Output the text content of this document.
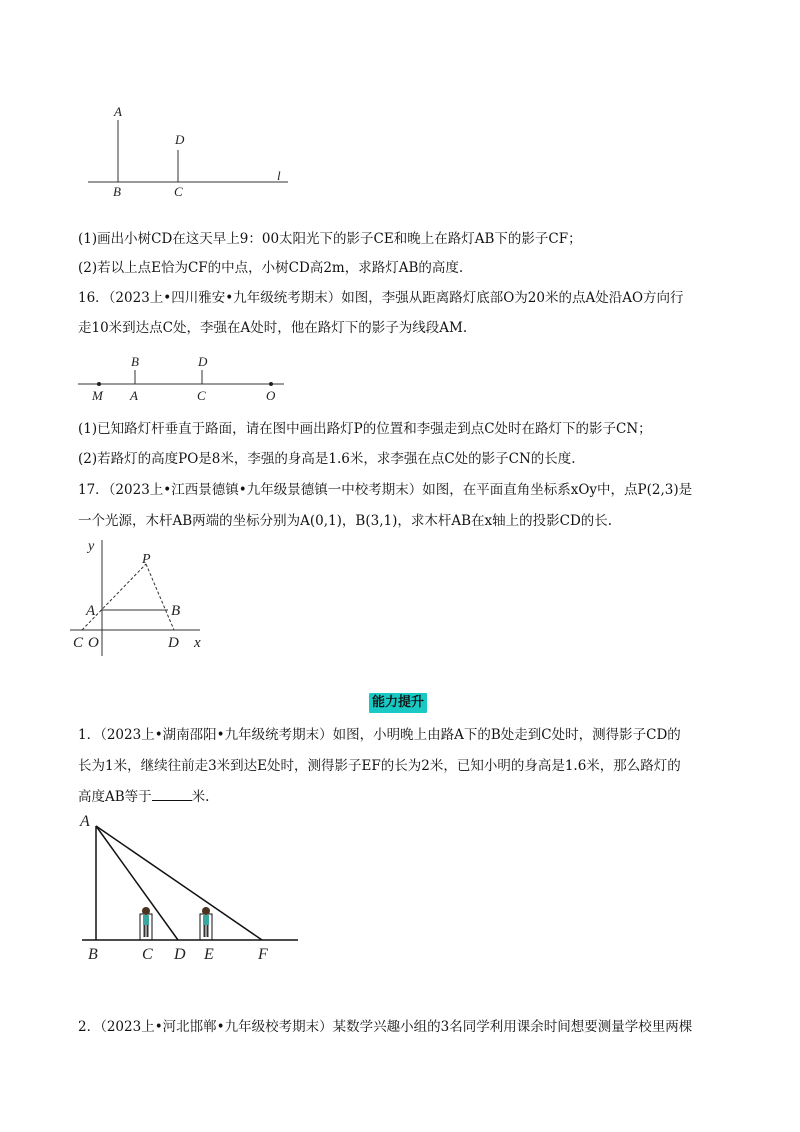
A
D
B	C
l
(1)画出小树CD在这天早上9：00太阳光下的影子CE和晚上在路灯AB下的影子CF；
(2)若以上点E恰为CF的中点，小树CD高2m，求路灯AB的高度.
16．（2023上•四川雅安•九年级统考期末）如图，李强从距离路灯底部O为20米的点A处沿AO方向行
走10米到达点C处，李强在A处时，他在路灯下的影子为线段AM.
B	D
M A	C	O
(1)已知路灯杆垂直于路面，请在图中画出路灯P的位置和李强走到点C处时在路灯下的影子CN；
(2)若路灯的高度PO是8米，李强的身高是1.6米，求李强在点C处的影子CN的长度.
17．（2023上•江西景德镇•九年级景德镇一中校考期末）如图，在平面直角坐标系xOy中，点P(2,3)是
一个光源，木杆AB两端的坐标分别为A(0,1)，B(3,1)，求木杆AB在x轴上的投影CD的长.
y
P
A	B
C O	D x
能力提升
1．（2023上•湖南邵阳•九年级统考期末）如图，小明晚上由路A下的B处走到C处时，测得影子CD的
长为1米，继续往前走3米到达E处时，测得影子EF的长为2米，已知小明的身高是1.6米，那么路灯的
高度AB等于	米.
A
B	C D E	F
2．（2023上•河北邯郸•九年级校考期末）某数学兴趣小组的3名同学利用课余时间想要测量学校里两棵
